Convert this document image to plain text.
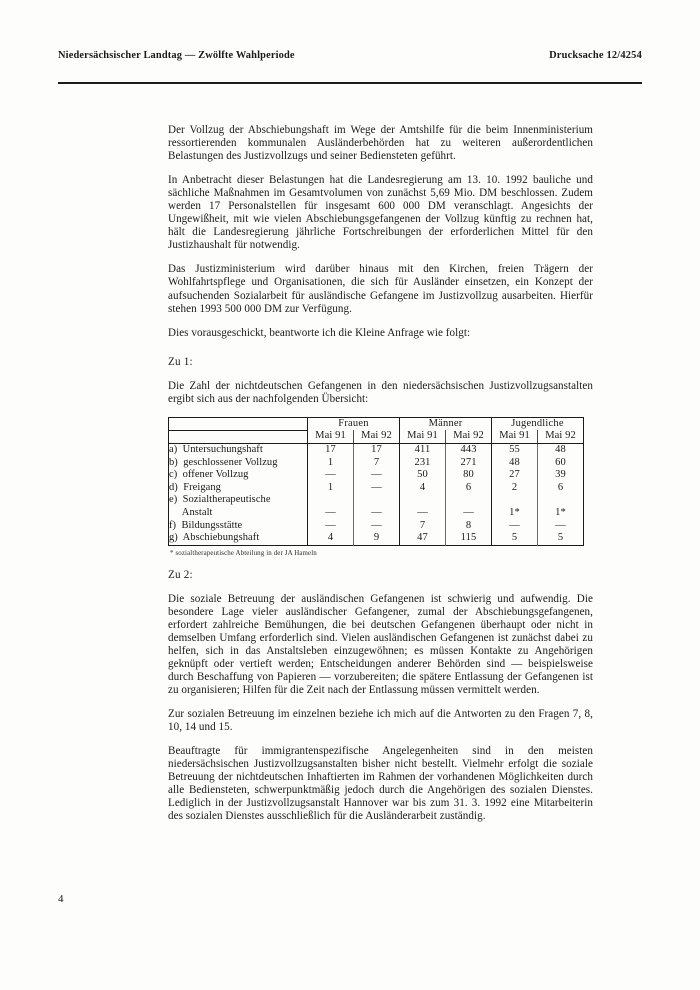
Niedersächsischer Landtag — Zwölfte Wahlperiode	Drucksache 12/4254

Der Vollzug der Abschiebungshaft im Wege der Amtshilfe für die beim Innenministerium ressortierenden kommunalen Ausländerbehörden hat zu weiteren außerordentlichen Belastungen des Justizvollzugs und seiner Bediensteten geführt.

In Anbetracht dieser Belastungen hat die Landesregierung am 13. 10. 1992 bauliche und sächliche Maßnahmen im Gesamtvolumen von zunächst 5,69 Mio. DM beschlossen. Zudem werden 17 Personalstellen für insgesamt 600 000 DM veranschlagt. Angesichts der Ungewißheit, mit wie vielen Abschiebungsgefangenen der Vollzug künftig zu rechnen hat, hält die Landesregierung jährliche Fortschreibungen der erforderlichen Mittel für den Justizhaushalt für notwendig.

Das Justizministerium wird darüber hinaus mit den Kirchen, freien Trägern der Wohlfahrtspflege und Organisationen, die sich für Ausländer einsetzen, ein Konzept der aufsuchenden Sozialarbeit für ausländische Gefangene im Justizvollzug ausarbeiten. Hierfür stehen 1993 500 000 DM zur Verfügung.

Dies vorausgeschickt, beantworte ich die Kleine Anfrage wie folgt:

Zu 1:

Die Zahl der nichtdeutschen Gefangenen in den niedersächsischen Justizvollzugsanstalten ergibt sich aus der nachfolgenden Übersicht:

	Frauen		Männer		Jugendliche	
	Mai 91	Mai 92	Mai 91	Mai 92	Mai 91	Mai 92
a)  Untersuchungshaft	17	17	411	443	55	48
b)  geschlossener Vollzug	1	7	231	271	48	60
c)  offener Vollzug	—	—	50	80	27	39
d)  Freigang	1	—	4	6	2	6
e)  Sozialtherapeutische						
Anstalt	—	—	—	—	1*	1*
f)  Bildungsstätte	—	—	7	8	—	—
g)  Abschiebungshaft	4	9	47	115	5	5
* sozialtherapeutische Abteilung in der JA Hameln

Zu 2:

Die soziale Betreuung der ausländischen Gefangenen ist schwierig und aufwendig. Die besondere Lage vieler ausländischer Gefangener, zumal der Abschiebungsgefangenen, erfordert zahlreiche Bemühungen, die bei deutschen Gefangenen überhaupt oder nicht in demselben Umfang erforderlich sind. Vielen ausländischen Gefangenen ist zunächst dabei zu helfen, sich in das Anstaltsleben einzugewöhnen; es müssen Kontakte zu Angehörigen geknüpft oder vertieft werden; Entscheidungen anderer Behörden sind — beispielsweise durch Beschaffung von Papieren — vorzubereiten; die spätere Entlassung der Gefangenen ist zu organisieren; Hilfen für die Zeit nach der Entlassung müssen vermittelt werden.

Zur sozialen Betreuung im einzelnen beziehe ich mich auf die Antworten zu den Fragen 7, 8, 10, 14 und 15.

Beauftragte für immigrantenspezifische Angelegenheiten sind in den meisten niedersächsischen Justizvollzugsanstalten bisher nicht bestellt. Vielmehr erfolgt die soziale Betreuung der nichtdeutschen Inhaftierten im Rahmen der vorhandenen Möglichkeiten durch alle Bediensteten, schwerpunktmäßig jedoch durch die Angehörigen des sozialen Dienstes. Lediglich in der Justizvollzugsanstalt Hannover war bis zum 31. 3. 1992 eine Mitarbeiterin des sozialen Dienstes ausschließlich für die Ausländerarbeit zuständig.

4
